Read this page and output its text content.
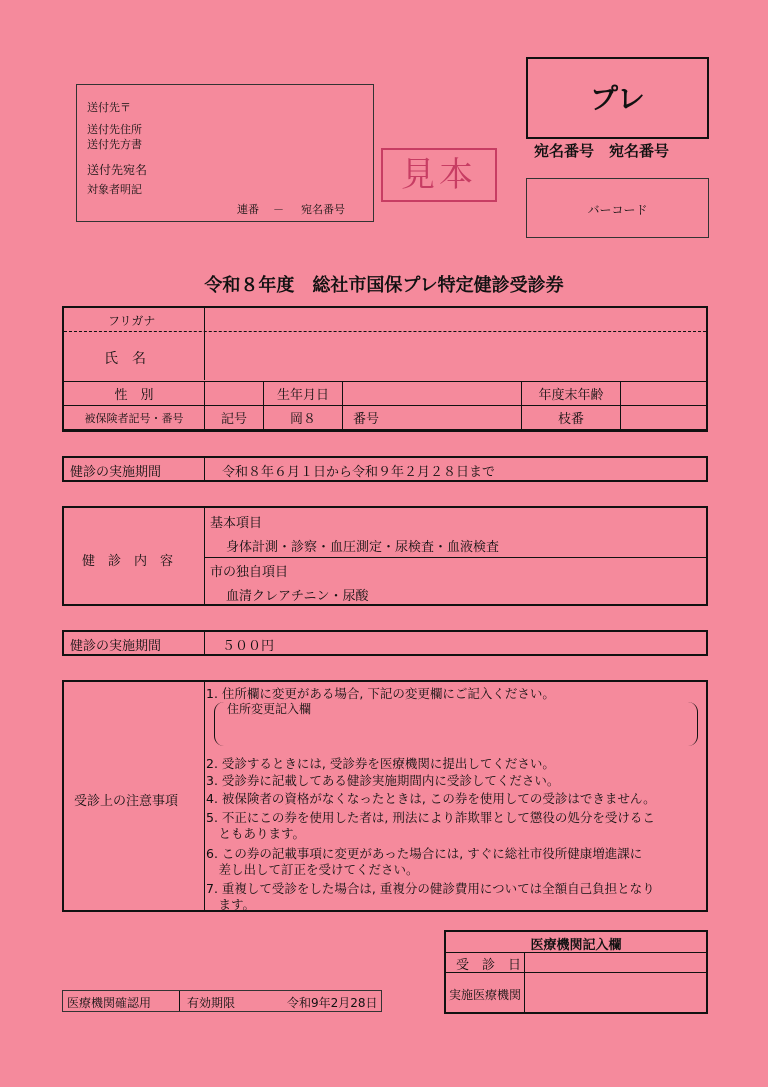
送付先〒
送付先住所
送付先方書
送付先宛名
対象者明記
連番 － 宛名番号
見本
プレ
宛名番号　宛名番号
バーコード
令和８年度　総社市国保プレ特定健診受診券
フリガナ
氏　名
性　別		生年月日		年度末年齢	
被保険者記号・番号	記号	岡８	番号	枝番	
健診の実施期間	令和８年６月１日から令和９年２月２８日まで
健　診　内　容
基本項目
身体計測・診察・血圧測定・尿検査・血液検査
市の独自項目
血清クレアチニン・尿酸
健診の実施期間	５００円
受診上の注意事項
1. 住所欄に変更がある場合, 下記の変更欄にご記入ください。
住所変更記入欄
2. 受診するときには, 受診券を医療機関に提出してください。
3. 受診券に記載してある健診実施期間内に受診してください。
4. 被保険者の資格がなくなったときは, この券を使用しての受診はできません。
5. 不正にこの券を使用した者は, 刑法により詐欺罪として懲役の処分を受けるこ
　ともあります。
6. この券の記載事項に変更があった場合には, すぐに総社市役所健康増進課に
　差し出して訂正を受けてください。
7. 重複して受診をした場合は, 重複分の健診費用については全額自己負担となり
　ます。
医療機関記入欄
受　診　日
実施医療機関
医療機関確認用	有効期限	令和9年2月28日
